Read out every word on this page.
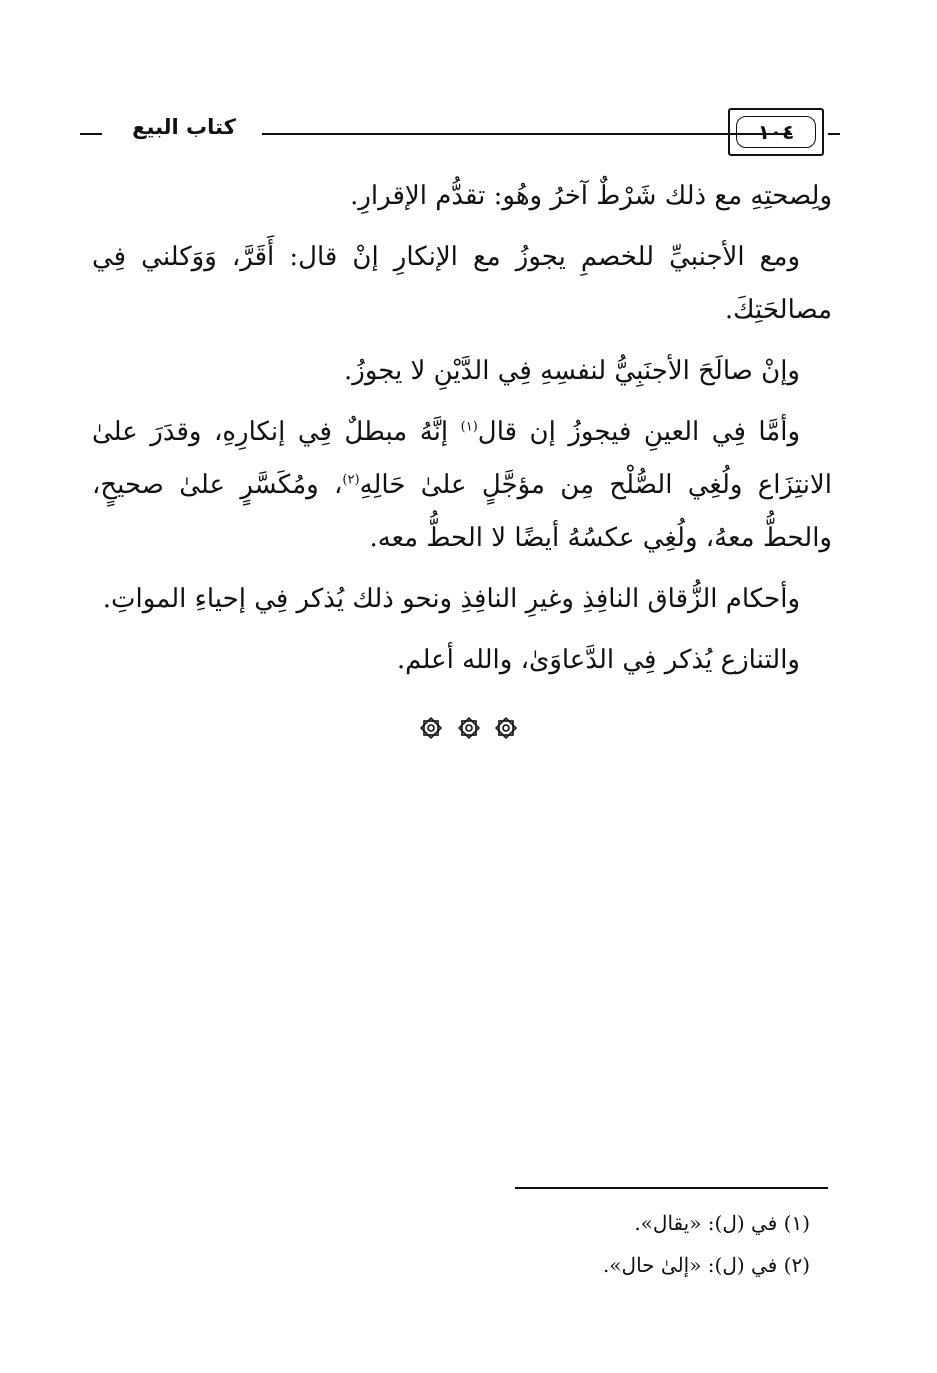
كتاب البيع	١٠٤

ولِصحتِهِ مع ذلك شَرْطٌ آخرُ وهُو: تقدُّم الإقرارِ.

ومع الأجنبيِّ للخصمِ يجوزُ مع الإنكارِ إنْ قال: أَقَرَّ، وَوَكلني فِي مصالحَتِكَ.

وإنْ صالَحَ الأجنَبِيُّ لنفسِهِ فِي الدَّيْنِ لا يجوزُ.

وأمَّا فِي العينِ فيجوزُ إن قال$^{(١)}$ إنَّهُ مبطلٌ فِي إنكارِهِ، وقدَرَ علىٰ الانتِزَاع ولُغِي الصُّلْح مِن مؤجَّلٍ علىٰ حَالِهِ$^{(٢)}$، ومُكَسَّرٍ علىٰ صحيحٍ، والحطُّ معهُ، ولُغِي عكسُهُ أيضًا لا الحطُّ معه.

وأحكام الزُّقاق النافِذِ وغيرِ النافِذِ ونحو ذلك يُذكر فِي إحياءِ المواتِ.

والتنازع يُذكر فِي الدَّعاوَىٰ، والله أعلم.

(١) في (ل): «يقال».

(٢) في (ل): «إلىٰ حال».
